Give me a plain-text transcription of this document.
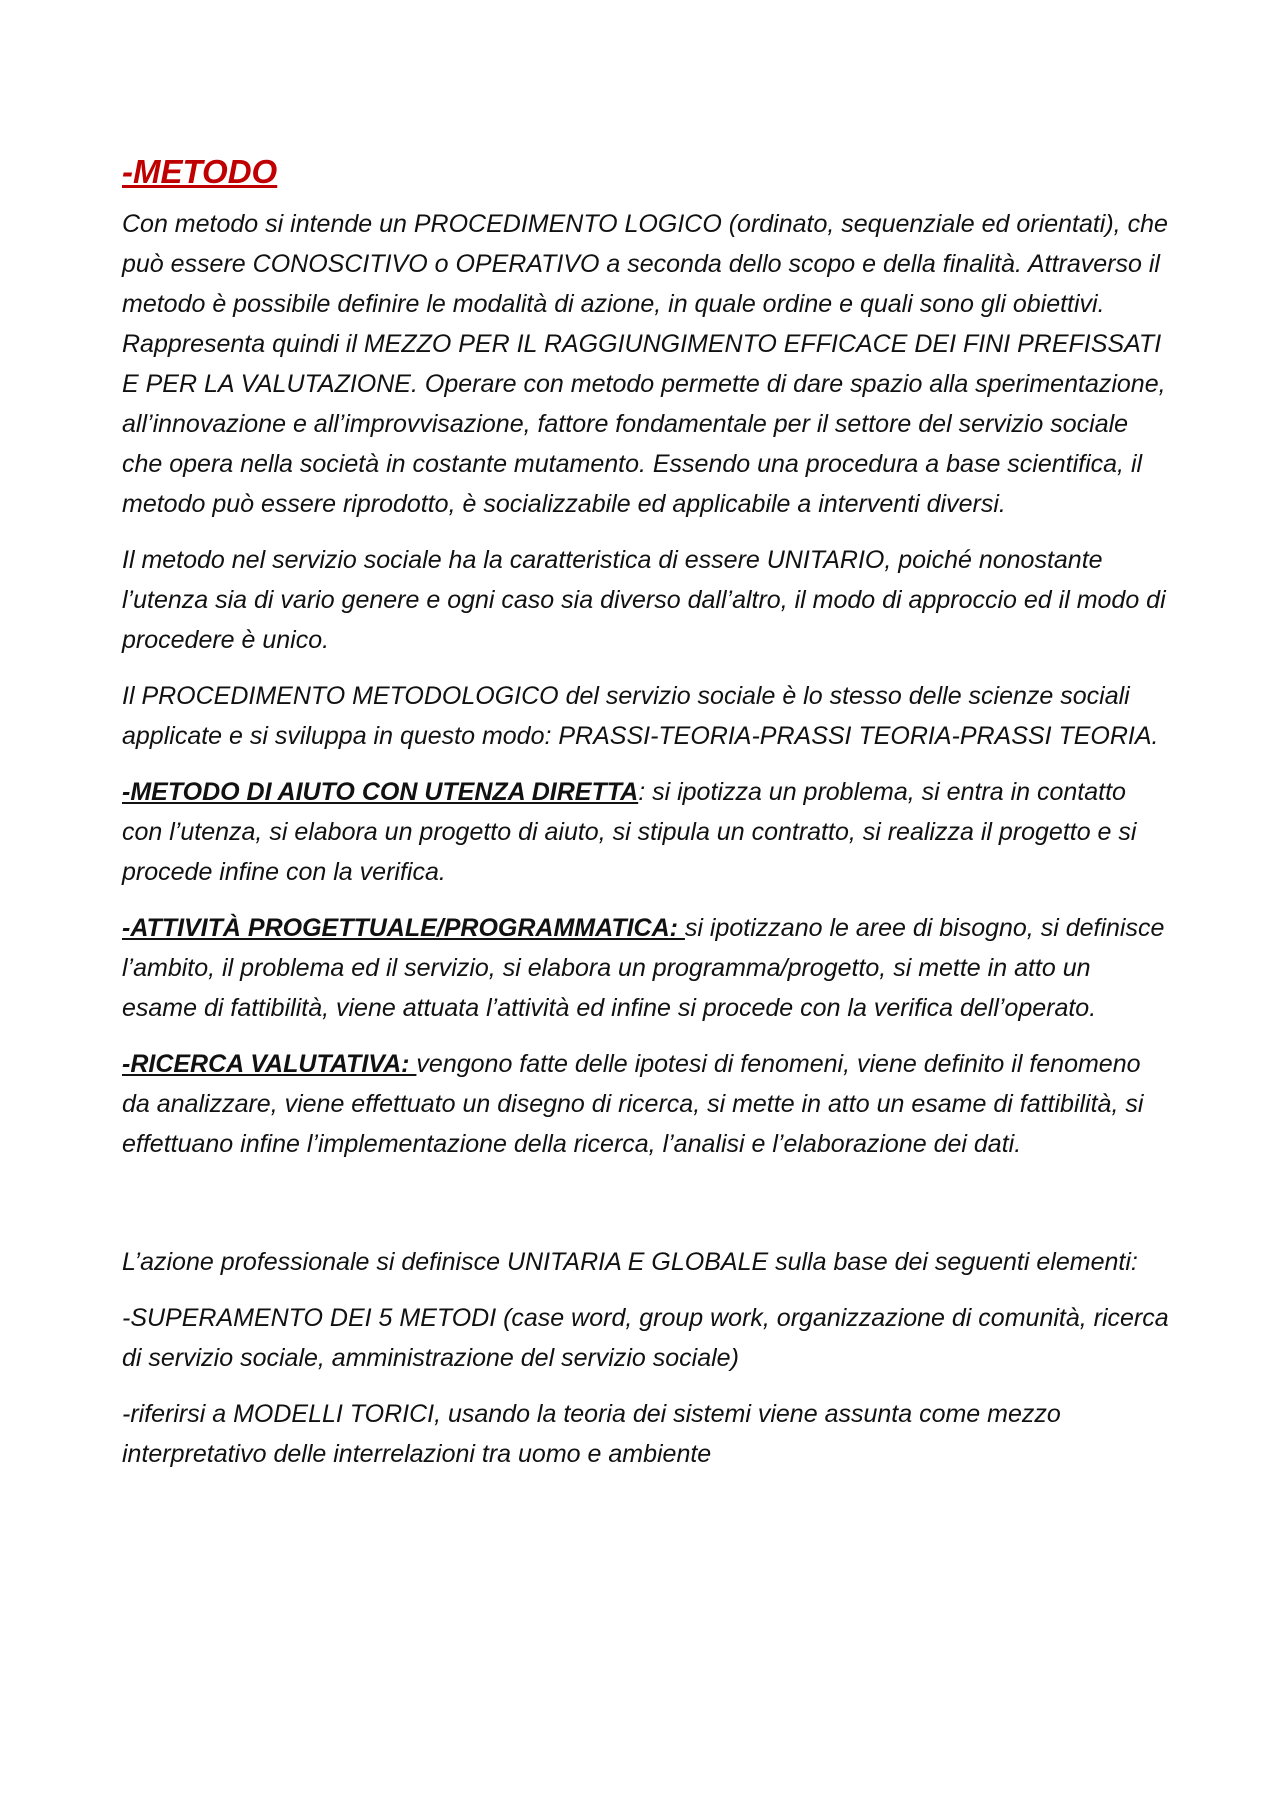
-METODO

Con metodo si intende un PROCEDIMENTO LOGICO (ordinato, sequenziale ed orientati), che può essere CONOSCITIVO o OPERATIVO a seconda dello scopo e della finalità. Attraverso il metodo è possibile definire le modalità di azione, in quale ordine e quali sono gli obiettivi. Rappresenta quindi il MEZZO PER IL RAGGIUNGIMENTO EFFICACE DEI FINI PREFISSATI E PER LA VALUTAZIONE. Operare con metodo permette di dare spazio alla sperimentazione, all’innovazione e all’improvvisazione, fattore fondamentale per il settore del servizio sociale che opera nella società in costante mutamento. Essendo una procedura a base scientifica, il metodo può essere riprodotto, è socializzabile ed applicabile a interventi diversi.

Il metodo nel servizio sociale ha la caratteristica di essere UNITARIO, poiché nonostante l’utenza sia di vario genere e ogni caso sia diverso dall’altro, il modo di approccio ed il modo di procedere è unico.

Il PROCEDIMENTO METODOLOGICO del servizio sociale è lo stesso delle scienze sociali applicate e si sviluppa in questo modo: PRASSI-TEORIA-PRASSI TEORIA-PRASSI TEORIA.

-METODO DI AIUTO CON UTENZA DIRETTA: si ipotizza un problema, si entra in contatto con l’utenza, si elabora un progetto di aiuto, si stipula un contratto, si realizza il progetto e si procede infine con la verifica.

-ATTIVITÀ PROGETTUALE/PROGRAMMATICA: si ipotizzano le aree di bisogno, si definisce l’ambito, il problema ed il servizio, si elabora un programma/progetto, si mette in atto un esame di fattibilità, viene attuata l’attività ed infine si procede con la verifica dell’operato.

-RICERCA VALUTATIVA: vengono fatte delle ipotesi di fenomeni, viene definito il fenomeno da analizzare, viene effettuato un disegno di ricerca, si mette in atto un esame di fattibilità, si effettuano infine l’implementazione della ricerca, l’analisi e l’elaborazione dei dati.

L’azione professionale si definisce UNITARIA E GLOBALE sulla base dei seguenti elementi:

-SUPERAMENTO DEI 5 METODI (case word, group work, organizzazione di comunità, ricerca di servizio sociale, amministrazione del servizio sociale)

-riferirsi a MODELLI TORICI, usando la teoria dei sistemi viene assunta come mezzo interpretativo delle interrelazioni tra uomo e ambiente
